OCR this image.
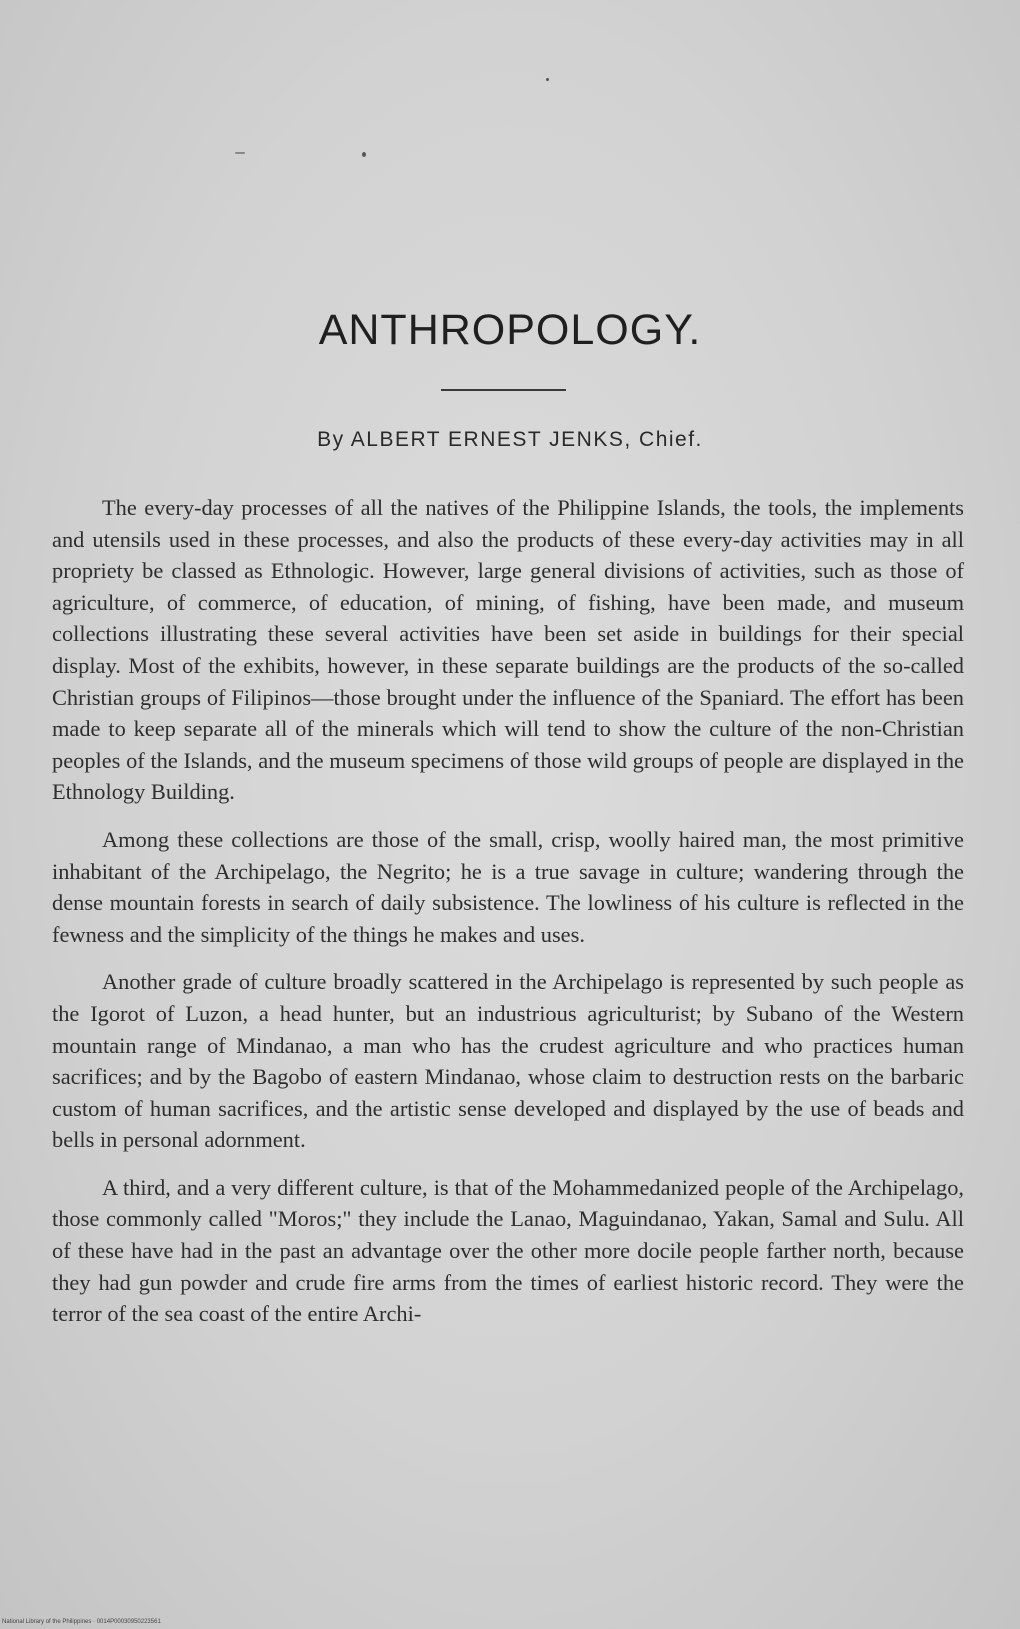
ANTHROPOLOGY.
By ALBERT ERNEST JENKS, Chief.

The every-day processes of all the natives of the Philippine Islands, the tools, the implements and utensils used in these processes, and also the products of these every-day activities may in all propriety be classed as Ethnologic. However, large general divisions of activities, such as those of agriculture, of commerce, of education, of mining, of fishing, have been made, and museum collections illustrating these several activities have been set aside in buildings for their special display. Most of the exhibits, however, in these separate buildings are the products of the so-called Christian groups of Filipinos—those brought under the influence of the Spaniard. The effort has been made to keep separate all of the minerals which will tend to show the culture of the non-Christian peoples of the Islands, and the museum specimens of those wild groups of people are displayed in the Ethnology Building.

Among these collections are those of the small, crisp, woolly haired man, the most primitive inhabitant of the Archipelago, the Negrito; he is a true savage in culture; wandering through the dense mountain forests in search of daily subsistence. The lowliness of his culture is reflected in the fewness and the simplicity of the things he makes and uses.

Another grade of culture broadly scattered in the Archipelago is represented by such people as the Igorot of Luzon, a head hunter, but an industrious agriculturist; by Subano of the Western mountain range of Mindanao, a man who has the crudest agriculture and who practices human sacrifices; and by the Bagobo of eastern Mindanao, whose claim to destruction rests on the barbaric custom of human sacrifices, and the artistic sense developed and displayed by the use of beads and bells in personal adornment.

A third, and a very different culture, is that of the Mohammedanized people of the Archipelago, those commonly called "Moros;" they include the Lanao, Maguindanao, Yakan, Samal and Sulu. All of these have had in the past an advantage over the other more docile people farther north, because they had gun powder and crude fire arms from the times of earliest historic record. They were the terror of the sea coast of the entire Archi-

National Library of the Philippines · 0014P00030950223561
